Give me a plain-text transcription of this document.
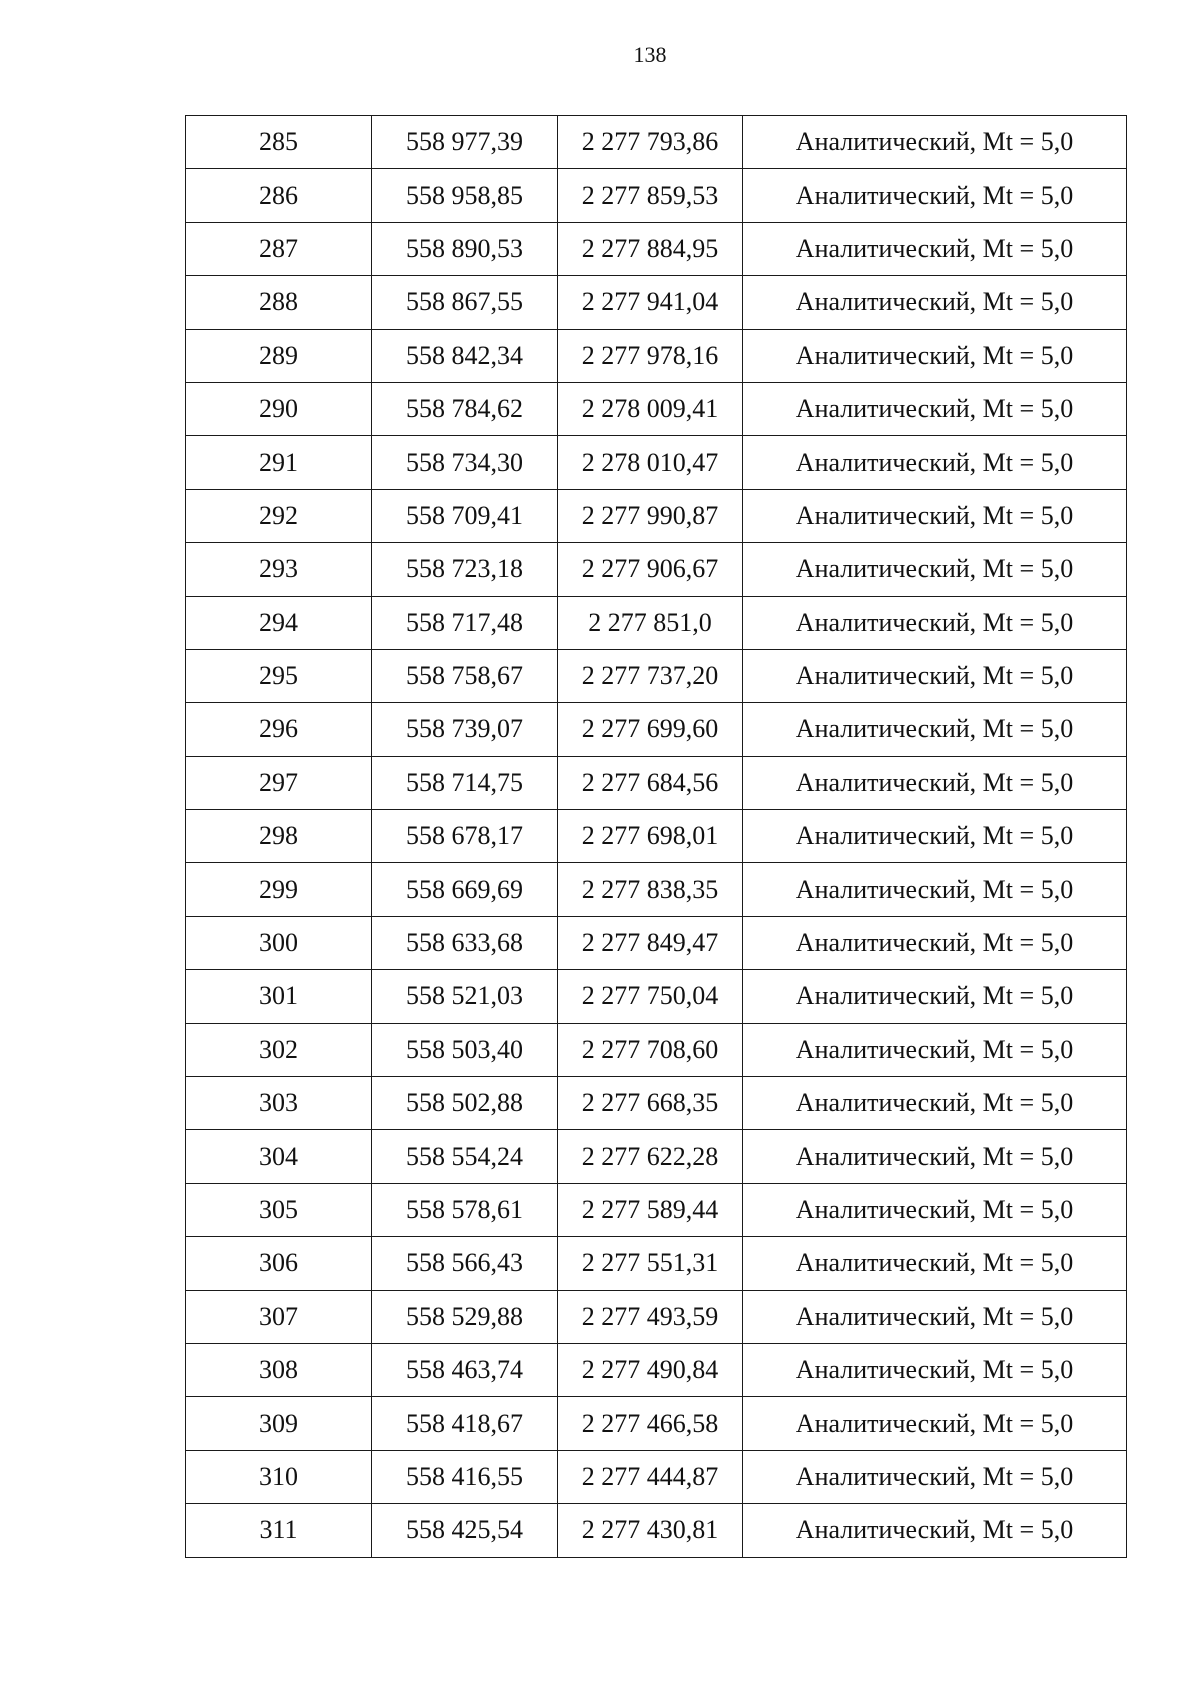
138
285	558 977,39	2 277 793,86	Аналитический, Mt = 5,0
286	558 958,85	2 277 859,53	Аналитический, Mt = 5,0
287	558 890,53	2 277 884,95	Аналитический, Mt = 5,0
288	558 867,55	2 277 941,04	Аналитический, Mt = 5,0
289	558 842,34	2 277 978,16	Аналитический, Mt = 5,0
290	558 784,62	2 278 009,41	Аналитический, Mt = 5,0
291	558 734,30	2 278 010,47	Аналитический, Mt = 5,0
292	558 709,41	2 277 990,87	Аналитический, Mt = 5,0
293	558 723,18	2 277 906,67	Аналитический, Mt = 5,0
294	558 717,48	2 277 851,0	Аналитический, Mt = 5,0
295	558 758,67	2 277 737,20	Аналитический, Mt = 5,0
296	558 739,07	2 277 699,60	Аналитический, Mt = 5,0
297	558 714,75	2 277 684,56	Аналитический, Mt = 5,0
298	558 678,17	2 277 698,01	Аналитический, Mt = 5,0
299	558 669,69	2 277 838,35	Аналитический, Mt = 5,0
300	558 633,68	2 277 849,47	Аналитический, Mt = 5,0
301	558 521,03	2 277 750,04	Аналитический, Mt = 5,0
302	558 503,40	2 277 708,60	Аналитический, Mt = 5,0
303	558 502,88	2 277 668,35	Аналитический, Mt = 5,0
304	558 554,24	2 277 622,28	Аналитический, Mt = 5,0
305	558 578,61	2 277 589,44	Аналитический, Mt = 5,0
306	558 566,43	2 277 551,31	Аналитический, Mt = 5,0
307	558 529,88	2 277 493,59	Аналитический, Mt = 5,0
308	558 463,74	2 277 490,84	Аналитический, Mt = 5,0
309	558 418,67	2 277 466,58	Аналитический, Mt = 5,0
310	558 416,55	2 277 444,87	Аналитический, Mt = 5,0
311	558 425,54	2 277 430,81	Аналитический, Mt = 5,0
